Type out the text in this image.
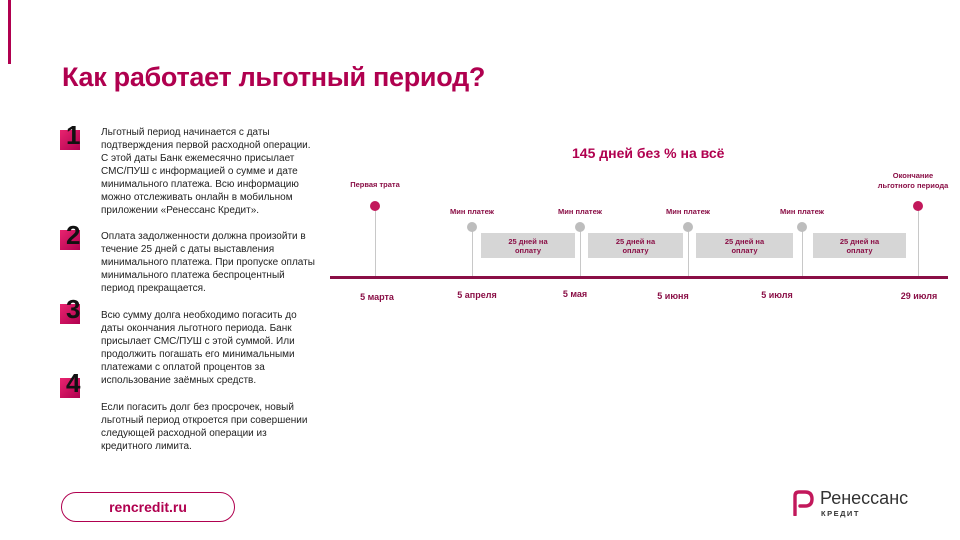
Как работает льготный период?
1 Льготный период начинается с даты подтверждения первой расходной операции. С этой даты Банк ежемесячно присылает СМС/ПУШ с информацией о сумме и дате минимального платежа. Всю информацию можно отслеживать онлайн в мобильном приложении «Ренессанс Кредит».
2 Оплата задолженности должна произойти в течение 25 дней с даты выставления минимального платежа. При пропуске оплаты минимального платежа беспроцентный период прекращается.
3 Всю сумму долга необходимо погасить до даты окончания льготного периода. Банк присылает СМС/ПУШ с этой суммой. Или продолжить погашать его минимальными платежами с оплатой процентов за использование заёмных средств.
4
Если погасить долг без просрочек, новый льготный период откроется при совершении следующей расходной операции из кредитного лимита.
145 дней без % на всё
Первая трата
Мин платеж	Мин платеж	Мин платеж	Мин платеж
Окончание
льготного периода
25 дней на
оплату
25 дней на
оплату
25 дней на
оплату
25 дней на
оплату
5 марта	5 апреля	5 мая	5 июня	5 июля	29 июля
rencredit.ru	Ренессанс
КРЕДИТ
